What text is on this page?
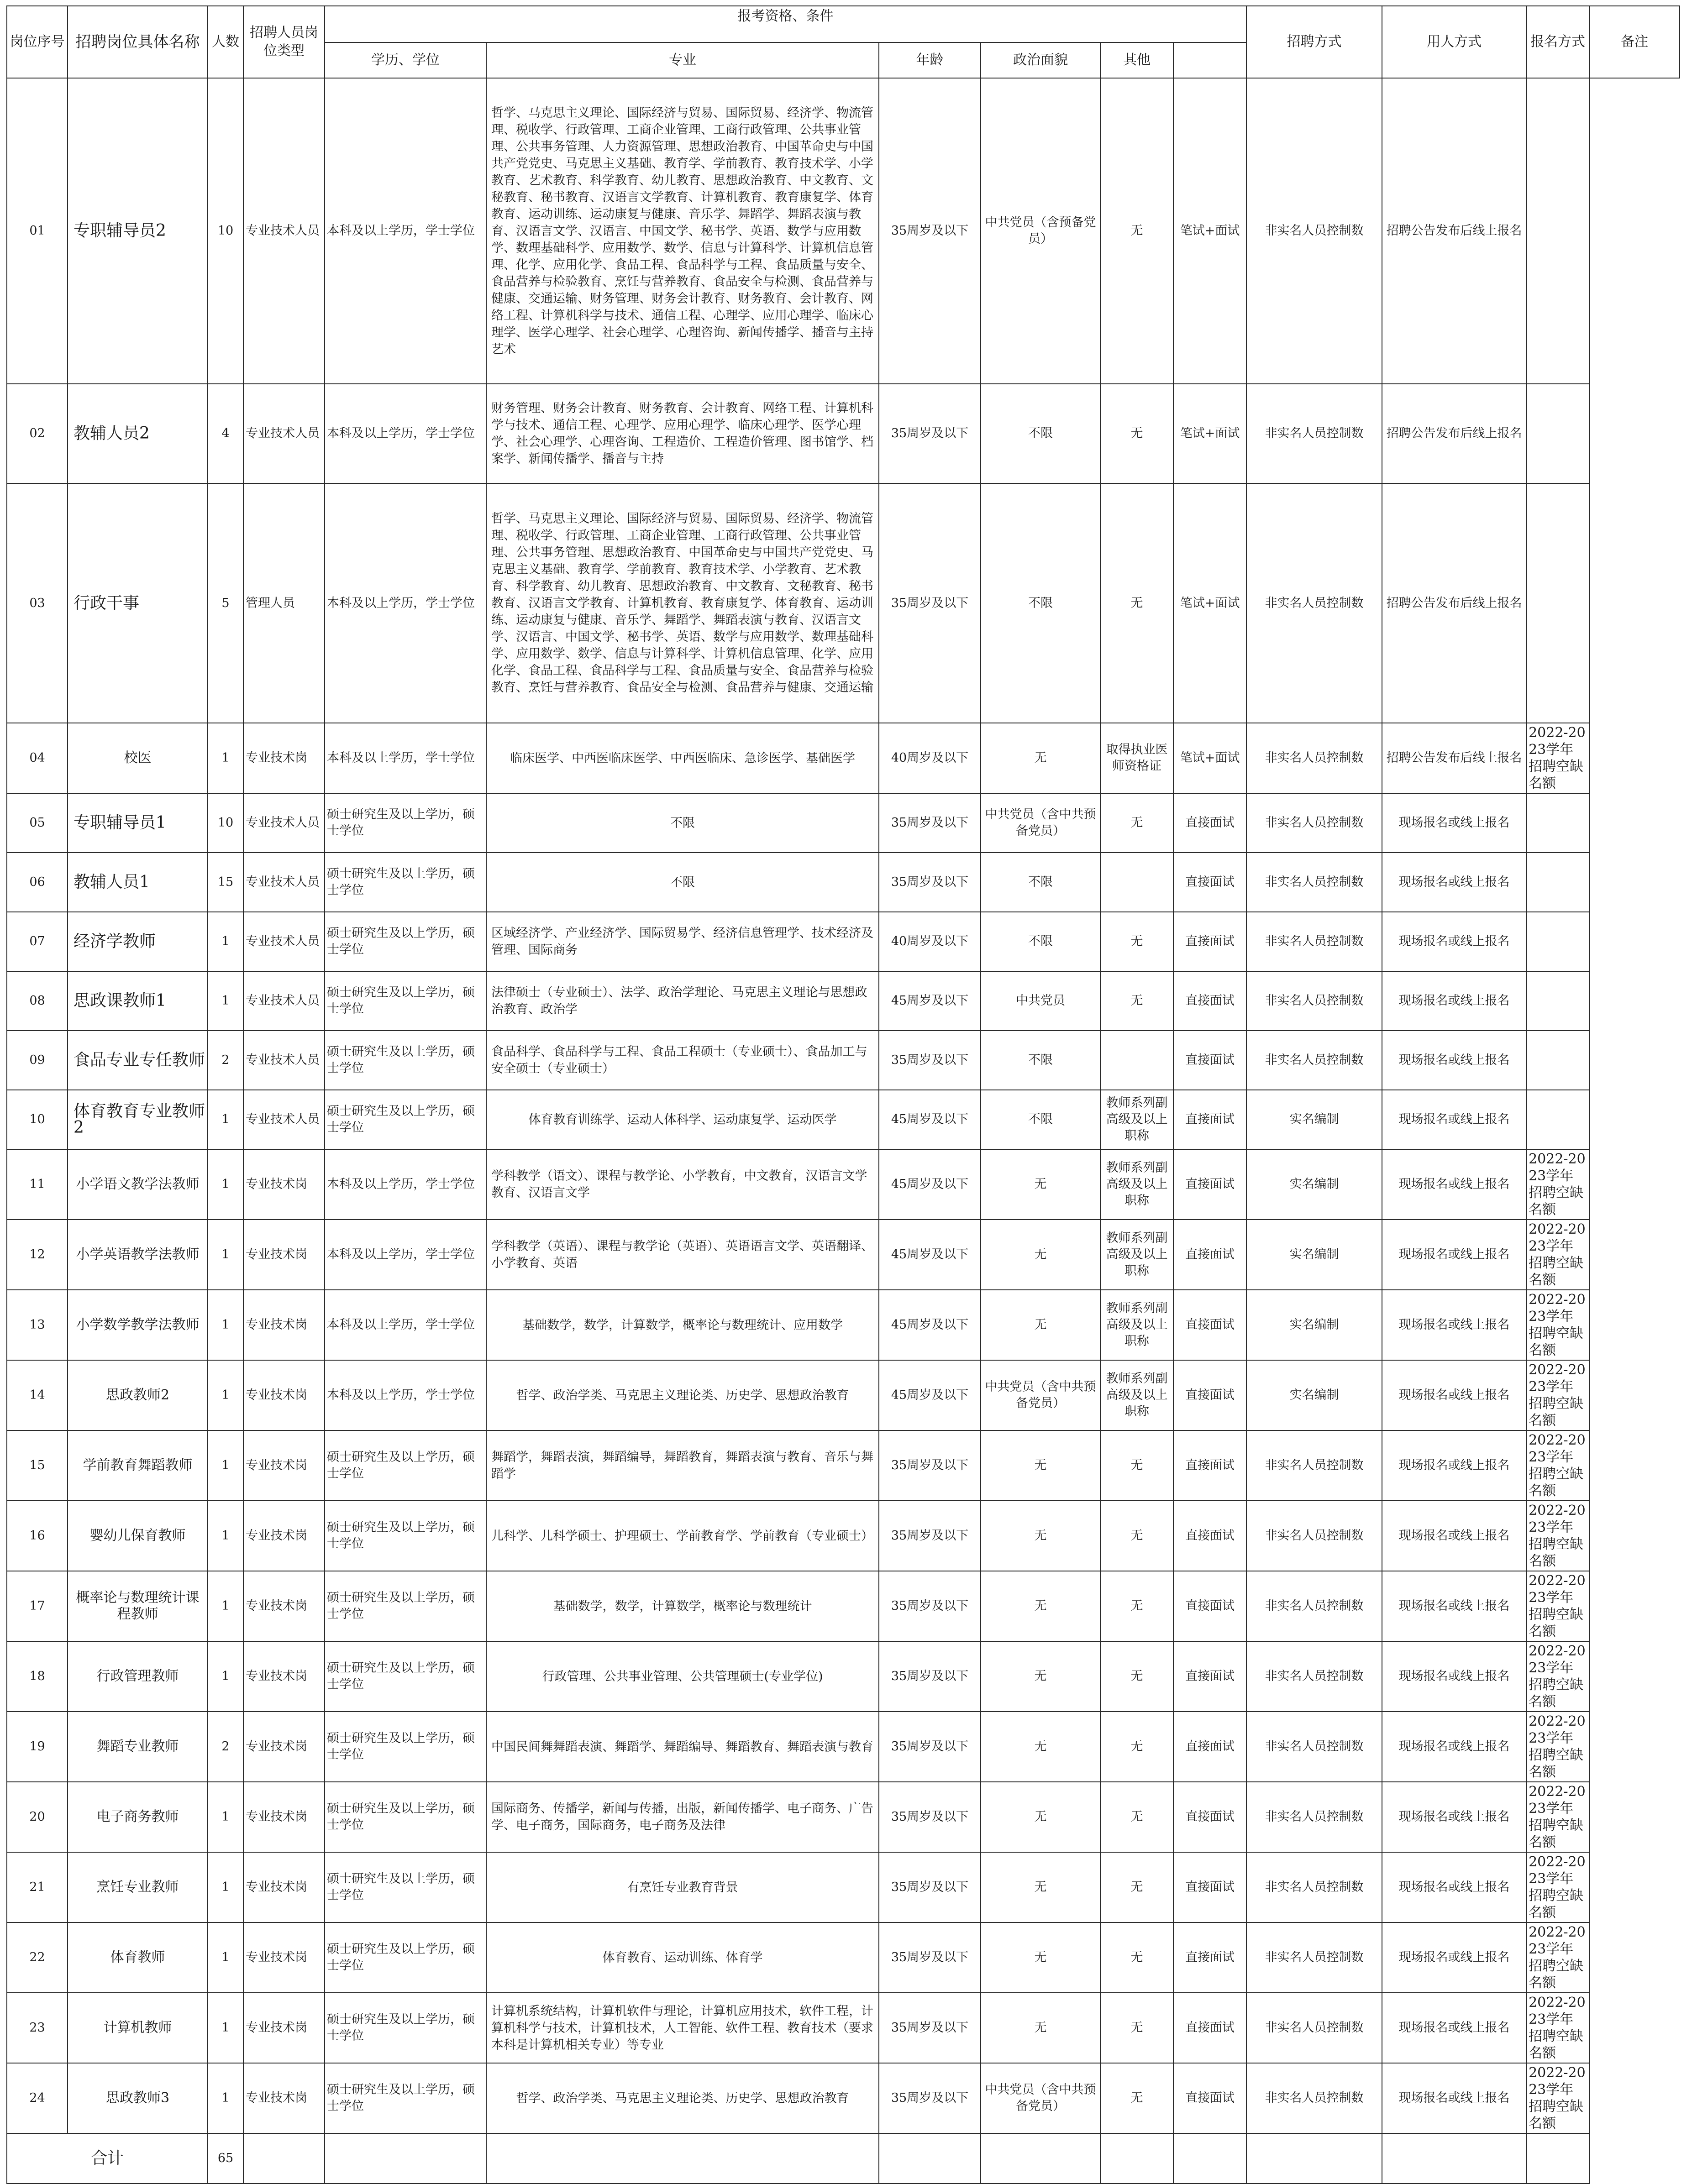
岗位序号	招聘岗位具体名称	人数	招聘人员岗位类型	报考资格、条件						招聘方式	用人方式	报名方式	备注
				学历、学位	专业	年龄	政治面貌	其他					
01	专职辅导员2	10	专业技术人员	本科及以上学历，学士学位	哲学、马克思主义理论、国际经济与贸易、国际贸易、经济学、物流管理、税收学、行政管理、工商企业管理、工商行政管理、公共事业管理、公共事务管理、人力资源管理、思想政治教育、中国革命史与中国共产党党史、马克思主义基础、教育学、学前教育、教育技术学、小学教育、艺术教育、科学教育、幼儿教育、思想政治教育、中文教育、文秘教育、秘书教育、汉语言文学教育、计算机教育、教育康复学、体育教育、运动训练、运动康复与健康、音乐学、舞蹈学、舞蹈表演与教育、汉语言文学、汉语言、中国文学、秘书学、英语、数学与应用数学、数理基础科学、应用数学、数学、信息与计算科学、计算机信息管理、化学、应用化学、食品工程、食品科学与工程、食品质量与安全、食品营养与检验教育、烹饪与营养教育、食品安全与检测、食品营养与健康、交通运输、财务管理、财务会计教育、财务教育、会计教育、网络工程、计算机科学与技术、通信工程、心理学、应用心理学、临床心理学、医学心理学、社会心理学、心理咨询、新闻传播学、播音与主持艺术	35周岁及以下	中共党员（含预备党员）	无	笔试+面试	非实名人员控制数	招聘公告发布后线上报名		
02	教辅人员2	4	专业技术人员	本科及以上学历，学士学位	财务管理、财务会计教育、财务教育、会计教育、网络工程、计算机科学与技术、通信工程、心理学、应用心理学、临床心理学、医学心理学、社会心理学、心理咨询、工程造价、工程造价管理、图书馆学、档案学、新闻传播学、播音与主持	35周岁及以下	不限	无	笔试+面试	非实名人员控制数	招聘公告发布后线上报名		
03	行政干事	5	管理人员	本科及以上学历，学士学位	哲学、马克思主义理论、国际经济与贸易、国际贸易、经济学、物流管理、税收学、行政管理、工商企业管理、工商行政管理、公共事业管理、公共事务管理、思想政治教育、中国革命史与中国共产党党史、马克思主义基础、教育学、学前教育、教育技术学、小学教育、艺术教育、科学教育、幼儿教育、思想政治教育、中文教育、文秘教育、秘书教育、汉语言文学教育、计算机教育、教育康复学、体育教育、运动训练、运动康复与健康、音乐学、舞蹈学、舞蹈表演与教育、汉语言文学、汉语言、中国文学、秘书学、英语、数学与应用数学、数理基础科学、应用数学、数学、信息与计算科学、计算机信息管理、化学、应用化学、食品工程、食品科学与工程、食品质量与安全、食品营养与检验教育、烹饪与营养教育、食品安全与检测、食品营养与健康、交通运输	35周岁及以下	不限	无	笔试+面试	非实名人员控制数	招聘公告发布后线上报名		
04	校医	1	专业技术岗	本科及以上学历，学士学位	临床医学、中西医临床医学、中西医临床、急诊医学、基础医学	40周岁及以下	无	取得执业医师资格证	笔试+面试	非实名人员控制数	招聘公告发布后线上报名	2022-2023学年招聘空缺名额	
05	专职辅导员1	10	专业技术人员	硕士研究生及以上学历，硕士学位	不限	35周岁及以下	中共党员（含中共预备党员）	无	直接面试	非实名人员控制数	现场报名或线上报名		
06	教辅人员1	15	专业技术人员	硕士研究生及以上学历，硕士学位	不限	35周岁及以下	不限		直接面试	非实名人员控制数	现场报名或线上报名		
07	经济学教师	1	专业技术人员	硕士研究生及以上学历，硕士学位	区域经济学、产业经济学、国际贸易学、经济信息管理学、技术经济及管理、国际商务	40周岁及以下	不限	无	直接面试	非实名人员控制数	现场报名或线上报名		
08	思政课教师1	1	专业技术人员	硕士研究生及以上学历，硕士学位	法律硕士（专业硕士）、法学、政治学理论、马克思主义理论与思想政治教育、政治学	45周岁及以下	中共党员	无	直接面试	非实名人员控制数	现场报名或线上报名		
09	食品专业专任教师	2	专业技术人员	硕士研究生及以上学历，硕士学位	食品科学、食品科学与工程、食品工程硕士（专业硕士）、食品加工与安全硕士（专业硕士）	35周岁及以下	不限		直接面试	非实名人员控制数	现场报名或线上报名		
10	体育教育专业教师2	1	专业技术人员	硕士研究生及以上学历，硕士学位	体育教育训练学、运动人体科学、运动康复学、运动医学	45周岁及以下	不限	教师系列副高级及以上职称	直接面试	实名编制	现场报名或线上报名		
11	小学语文教学法教师	1	专业技术岗	本科及以上学历，学士学位	学科教学（语文）、课程与教学论、小学教育，中文教育，汉语言文学教育、汉语言文学	45周岁及以下	无	教师系列副高级及以上职称	直接面试	实名编制	现场报名或线上报名	2022-2023学年招聘空缺名额	
12	小学英语教学法教师	1	专业技术岗	本科及以上学历，学士学位	学科教学（英语）、课程与教学论（英语）、英语语言文学、英语翻译、小学教育、英语	45周岁及以下	无	教师系列副高级及以上职称	直接面试	实名编制	现场报名或线上报名	2022-2023学年招聘空缺名额	
13	小学数学教学法教师	1	专业技术岗	本科及以上学历，学士学位	基础数学，数学，计算数学，概率论与数理统计、应用数学	45周岁及以下	无	教师系列副高级及以上职称	直接面试	实名编制	现场报名或线上报名	2022-2023学年招聘空缺名额	
14	思政教师2	1	专业技术岗	本科及以上学历，学士学位	哲学、政治学类、马克思主义理论类、历史学、思想政治教育	45周岁及以下	中共党员（含中共预备党员）	教师系列副高级及以上职称	直接面试	实名编制	现场报名或线上报名	2022-2023学年招聘空缺名额	
15	学前教育舞蹈教师	1	专业技术岗	硕士研究生及以上学历，硕士学位	舞蹈学，舞蹈表演，舞蹈编导，舞蹈教育，舞蹈表演与教育、音乐与舞蹈学	35周岁及以下	无	无	直接面试	非实名人员控制数	现场报名或线上报名	2022-2023学年招聘空缺名额	
16	婴幼儿保育教师	1	专业技术岗	硕士研究生及以上学历，硕士学位	儿科学、儿科学硕士、护理硕士、学前教育学、学前教育（专业硕士）	35周岁及以下	无	无	直接面试	非实名人员控制数	现场报名或线上报名	2022-2023学年招聘空缺名额	
17	概率论与数理统计课程教师	1	专业技术岗	硕士研究生及以上学历，硕士学位	基础数学，数学，计算数学，概率论与数理统计	35周岁及以下	无	无	直接面试	非实名人员控制数	现场报名或线上报名	2022-2023学年招聘空缺名额	
18	行政管理教师	1	专业技术岗	硕士研究生及以上学历，硕士学位	行政管理、公共事业管理、公共管理硕士(专业学位)	35周岁及以下	无	无	直接面试	非实名人员控制数	现场报名或线上报名	2022-2023学年招聘空缺名额	
19	舞蹈专业教师	2	专业技术岗	硕士研究生及以上学历，硕士学位	中国民间舞舞蹈表演、舞蹈学、舞蹈编导、舞蹈教育、舞蹈表演与教育	35周岁及以下	无	无	直接面试	非实名人员控制数	现场报名或线上报名	2022-2023学年招聘空缺名额	
20	电子商务教师	1	专业技术岗	硕士研究生及以上学历，硕士学位	国际商务、传播学，新闻与传播，出版，新闻传播学、电子商务、广告学、电子商务，国际商务，电子商务及法律	35周岁及以下	无	无	直接面试	非实名人员控制数	现场报名或线上报名	2022-2023学年招聘空缺名额	
21	烹饪专业教师	1	专业技术岗	硕士研究生及以上学历，硕士学位	有烹饪专业教育背景	35周岁及以下	无	无	直接面试	非实名人员控制数	现场报名或线上报名	2022-2023学年招聘空缺名额	
22	体育教师	1	专业技术岗	硕士研究生及以上学历，硕士学位	体育教育、运动训练、体育学	35周岁及以下	无	无	直接面试	非实名人员控制数	现场报名或线上报名	2022-2023学年招聘空缺名额	
23	计算机教师	1	专业技术岗	硕士研究生及以上学历，硕士学位	计算机系统结构，计算机软件与理论，计算机应用技术，软件工程，计算机科学与技术，计算机技术，人工智能、软件工程、教育技术（要求本科是计算机相关专业）等专业	35周岁及以下	无	无	直接面试	非实名人员控制数	现场报名或线上报名	2022-2023学年招聘空缺名额	
24	思政教师3	1	专业技术岗	硕士研究生及以上学历，硕士学位	哲学、政治学类、马克思主义理论类、历史学、思想政治教育	35周岁及以下	中共党员（含中共预备党员）	无	直接面试	非实名人员控制数	现场报名或线上报名	2022-2023学年招聘空缺名额	
合计		65											
